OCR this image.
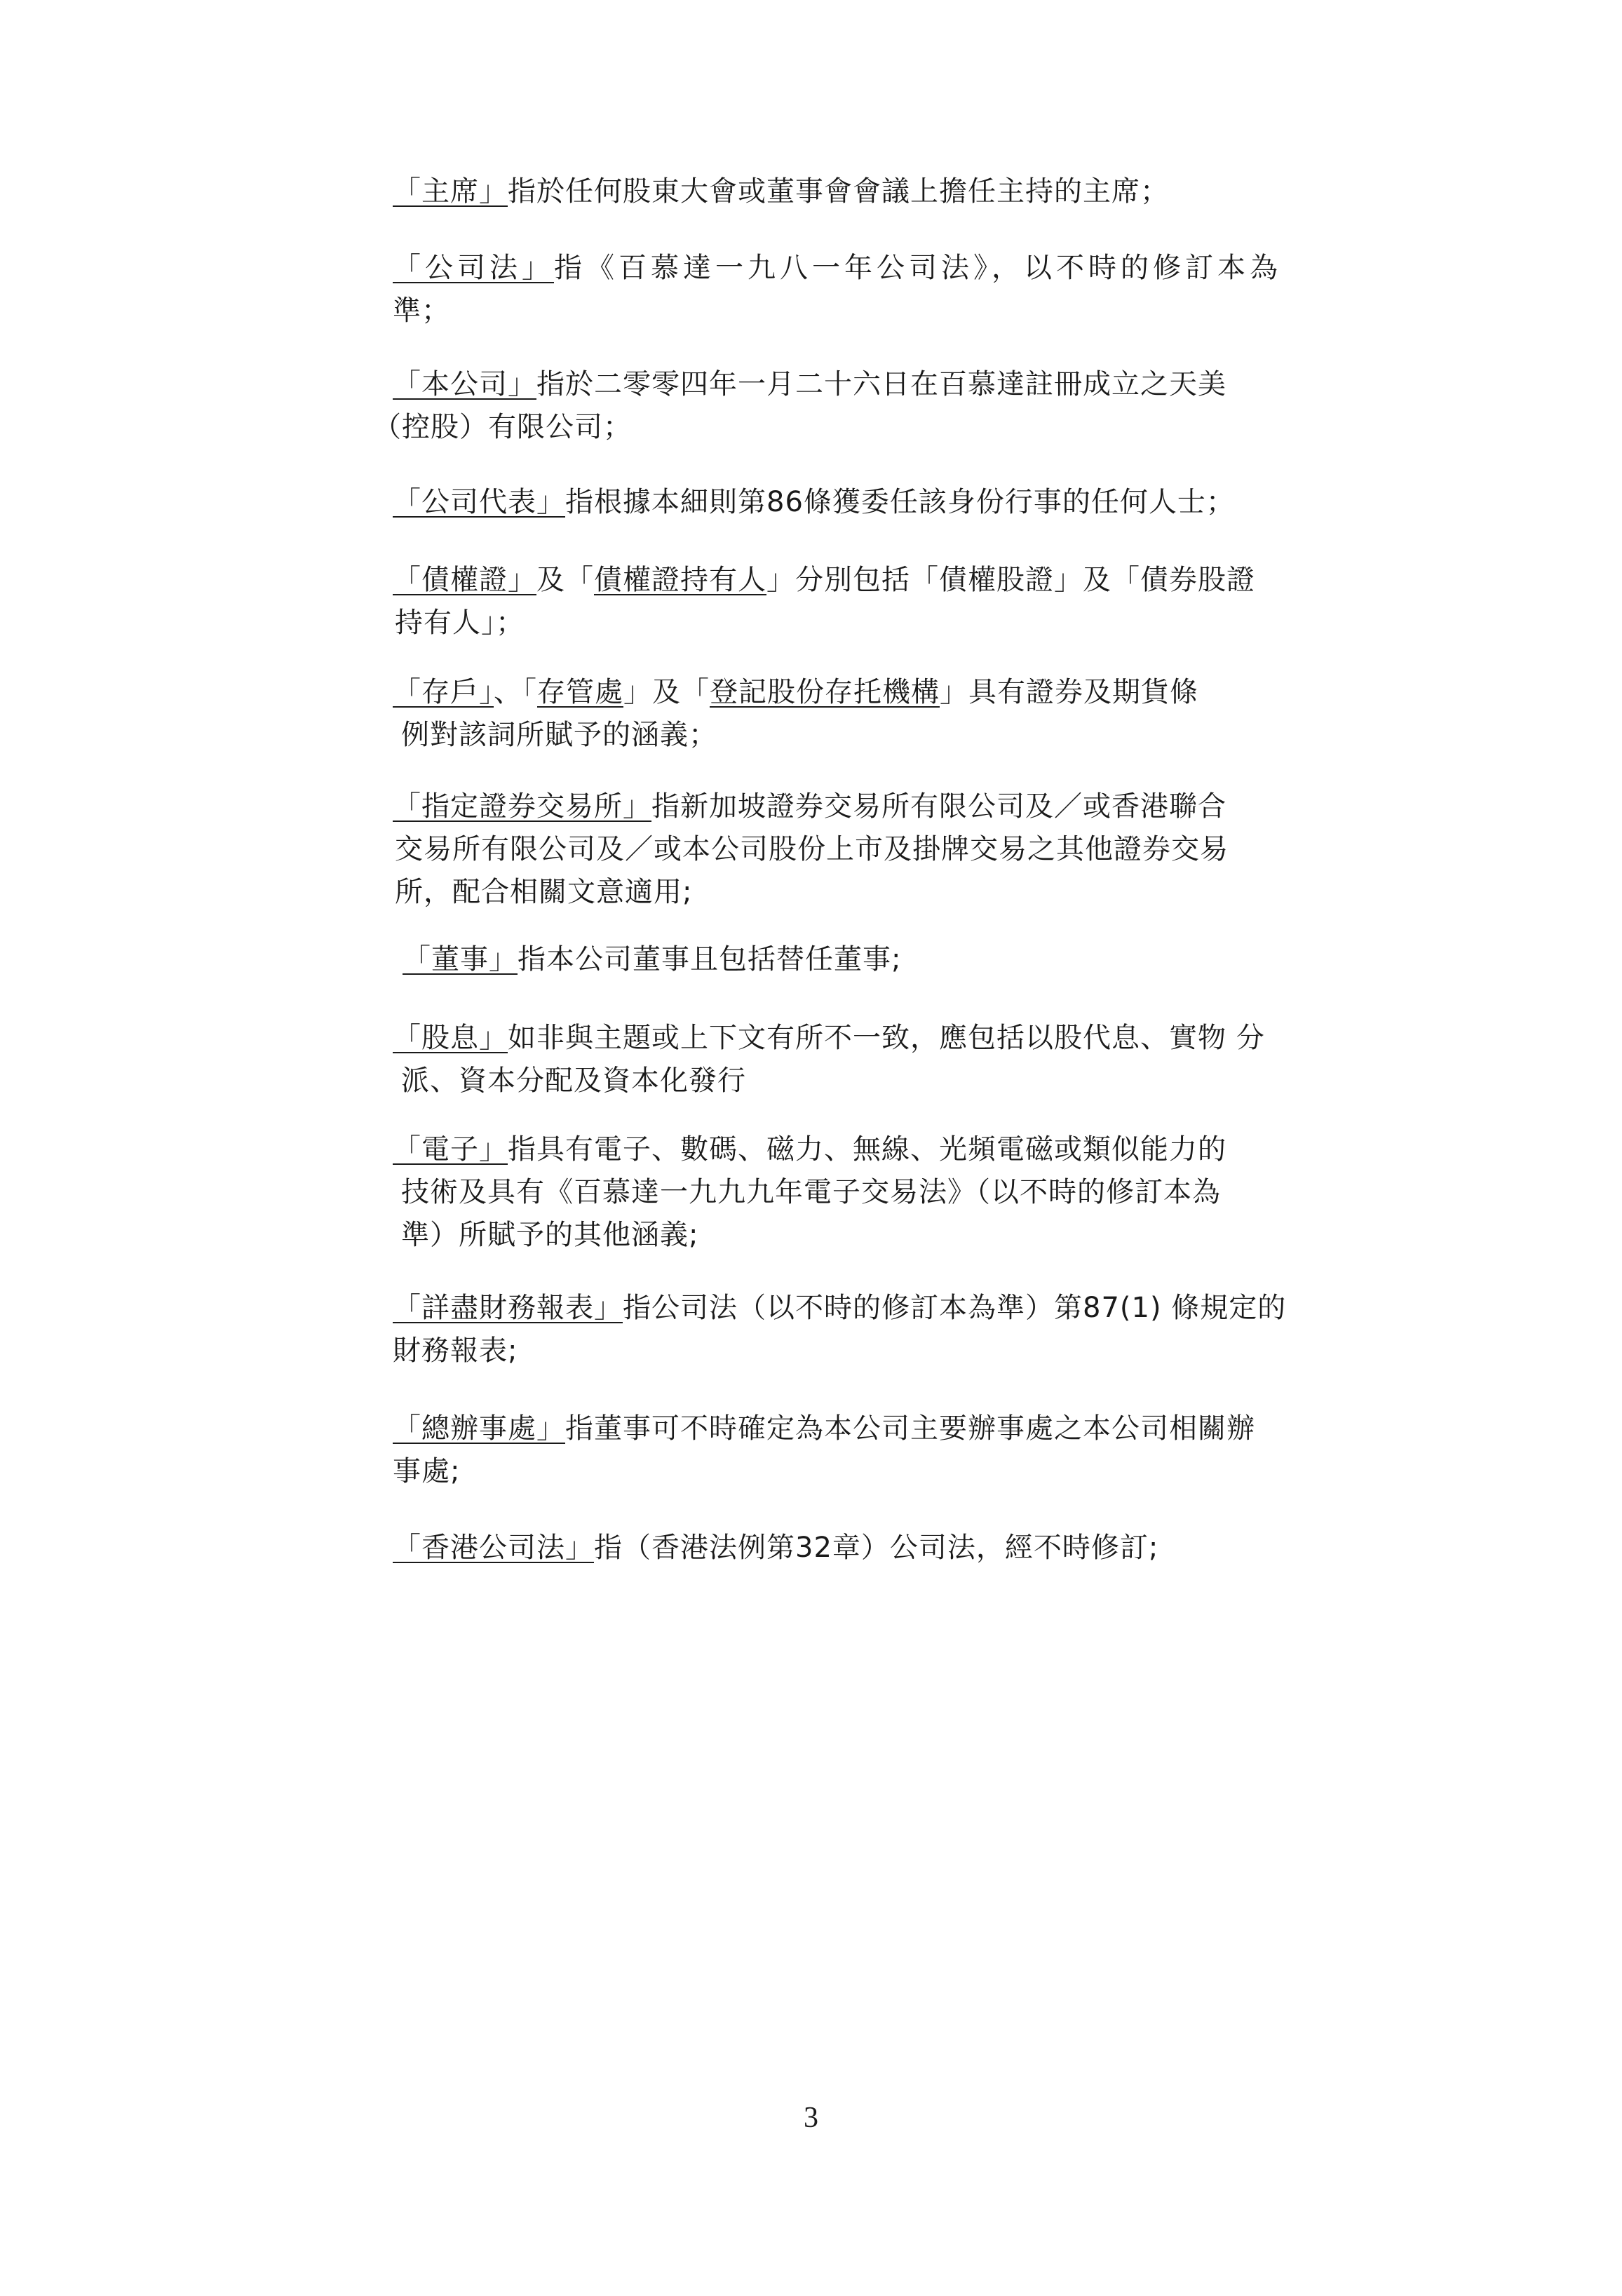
「主席」指於任何股東大會或董事會會議上擔任主持的主席；
「公司法」指《百慕達一九八一年公司法》，以不時的修訂本為
準；
「本公司」指於二零零四年一月二十六日在百慕達註冊成立之天美
（控股）有限公司；
「公司代表」指根據本細則第86條獲委任該身份行事的任何人士；
「債權證」及「債權證持有人」分別包括「債權股證」及「債券股證
持有人」；
「存戶」、「存管處」及「登記股份存托機構」具有證券及期貨條
例對該詞所賦予的涵義；
「指定證券交易所」指新加坡證券交易所有限公司及／或香港聯合
交易所有限公司及／或本公司股份上市及掛牌交易之其他證券交易
所，配合相關文意適用;
「董事」指本公司董事且包括替任董事;
「股息」如非與主題或上下文有所不一致，應包括以股代息、實物 分
派、資本分配及資本化發行
「電子」指具有電子、數碼、磁力、無線、光頻電磁或類似能力的
技術及具有《百慕達一九九九年電子交易法》（以不時的修訂本為
準）所賦予的其他涵義;
「詳盡財務報表」指公司法（以不時的修訂本為準）第87(1) 條規定的
財務報表;
「總辦事處」指董事可不時確定為本公司主要辦事處之本公司相關辦
事處;
「香港公司法」指（香港法例第32章）公司法，經不時修訂;
3
